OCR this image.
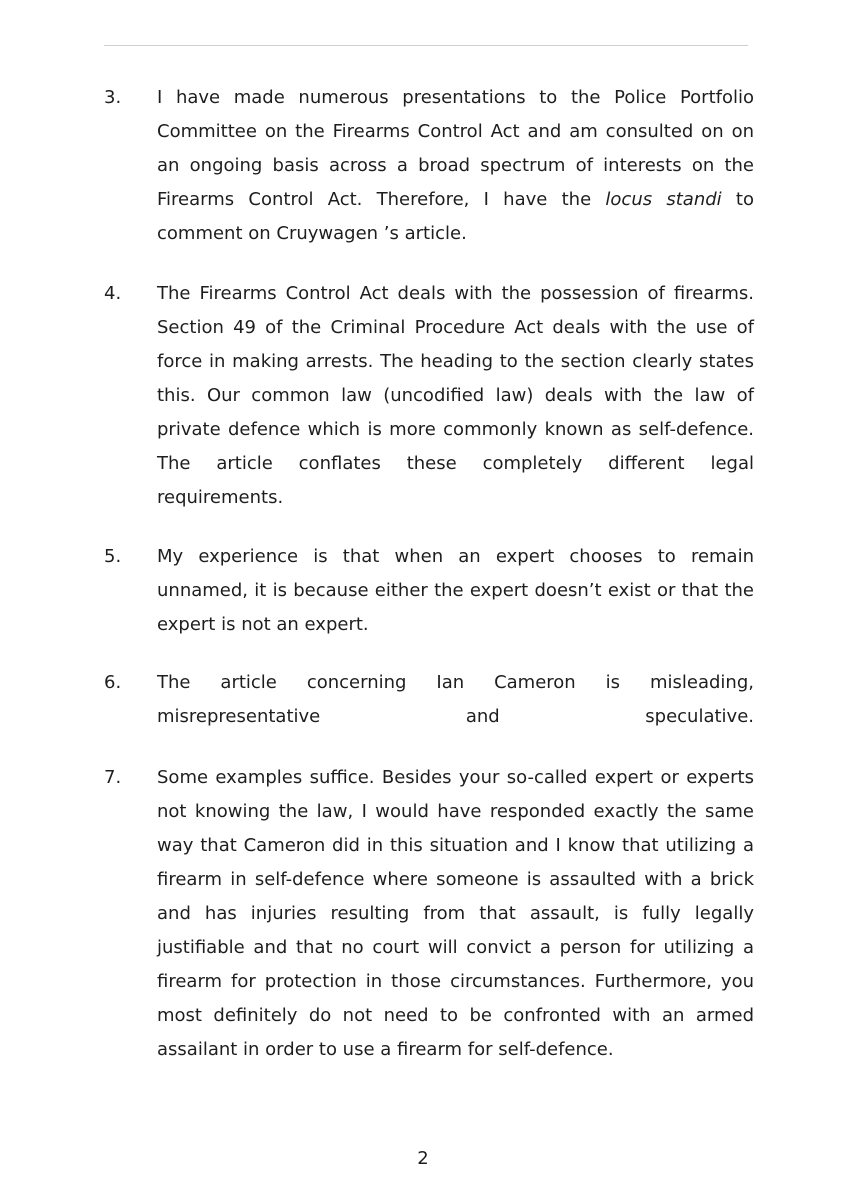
3.	I have made numerous presentations to the Police Portfolio Committee on the Firearms Control Act and am consulted on on an ongoing basis across a broad spectrum of interests on the Firearms Control Act. Therefore, I have the locus standi to comment on Cruywagen ’s article.
4.	The Firearms Control Act deals with the possession of firearms. Section 49 of the Criminal Procedure Act deals with the use of force in making arrests. The heading to the section clearly states this. Our common law (uncodified law) deals with the law of private defence which is more commonly known as self-defence. The article conflates these completely different legal requirements.
5.	My experience is that when an expert chooses to remain unnamed, it is because either the expert doesn’t exist or that the expert is not an expert.
6.	The article concerning Ian Cameron is misleading, misrepresentative and speculative.
7.	Some examples suffice. Besides your so-called expert or experts not knowing the law, I would have responded exactly the same way that Cameron did in this situation and I know that utilizing a firearm in self-defence where someone is assaulted with a brick and has injuries resulting from that assault, is fully legally justifiable and that no court will convict a person for utilizing a firearm for protection in those circumstances. Furthermore, you most definitely do not need to be confronted with an armed assailant in order to use a firearm for self-defence.
2
